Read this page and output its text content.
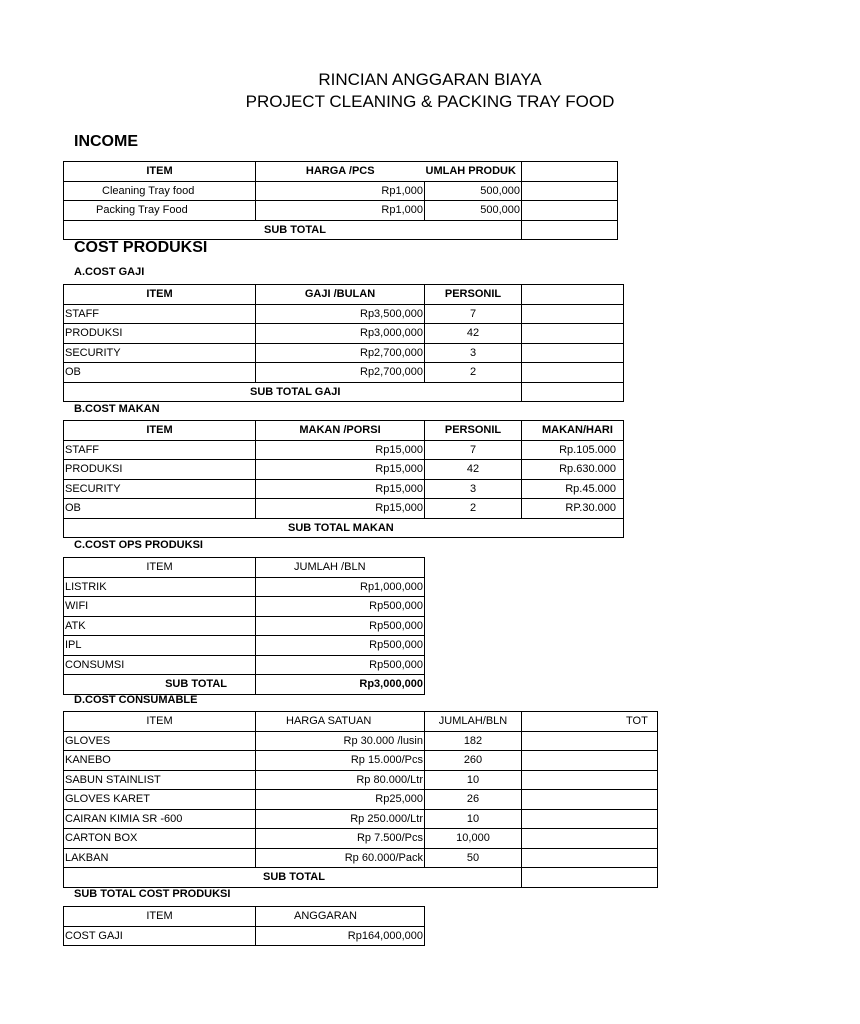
RINCIAN ANGGARAN BIAYA
PROJECT CLEANING & PACKING TRAY FOOD
INCOME
ITEM	HARGA /PCS	UMLAH PRODUK	
Cleaning Tray food	Rp1,000	500,000	
Packing Tray Food	Rp1,000	500,000	
SUB TOTAL			
COST PRODUKSI
A.COST GAJI
ITEM	GAJI /BULAN	PERSONIL	
STAFF	Rp3,500,000	7	
PRODUKSI	Rp3,000,000	42	
SECURITY	Rp2,700,000	3	
OB	Rp2,700,000	2	
SUB TOTAL GAJI			
B.COST MAKAN
ITEM	MAKAN /PORSI	PERSONIL	MAKAN/HARI
STAFF	Rp15,000	7	Rp.105.000
PRODUKSI	Rp15,000	42	Rp.630.000
SECURITY	Rp15,000	3	Rp.45.000
OB	Rp15,000	2	RP.30.000
SUB TOTAL MAKAN			
C.COST OPS PRODUKSI
ITEM	JUMLAH /BLN
LISTRIK	Rp1,000,000
WIFI	Rp500,000
ATK	Rp500,000
IPL	Rp500,000
CONSUMSI	Rp500,000
SUB TOTAL	Rp3,000,000
D.COST CONSUMABLE
ITEM	HARGA SATUAN	JUMLAH/BLN	TOT
GLOVES	Rp 30.000 /lusin	182	
KANEBO	Rp 15.000/Pcs	260	
SABUN STAINLIST	Rp 80.000/Ltr	10	
GLOVES KARET	Rp25,000	26	
CAIRAN KIMIA SR -600	Rp 250.000/Ltr	10	
CARTON BOX	Rp 7.500/Pcs	10,000	
LAKBAN	Rp 60.000/Pack	50	
SUB TOTAL			
SUB TOTAL COST PRODUKSI
ITEM	ANGGARAN
COST GAJI	Rp164,000,000
